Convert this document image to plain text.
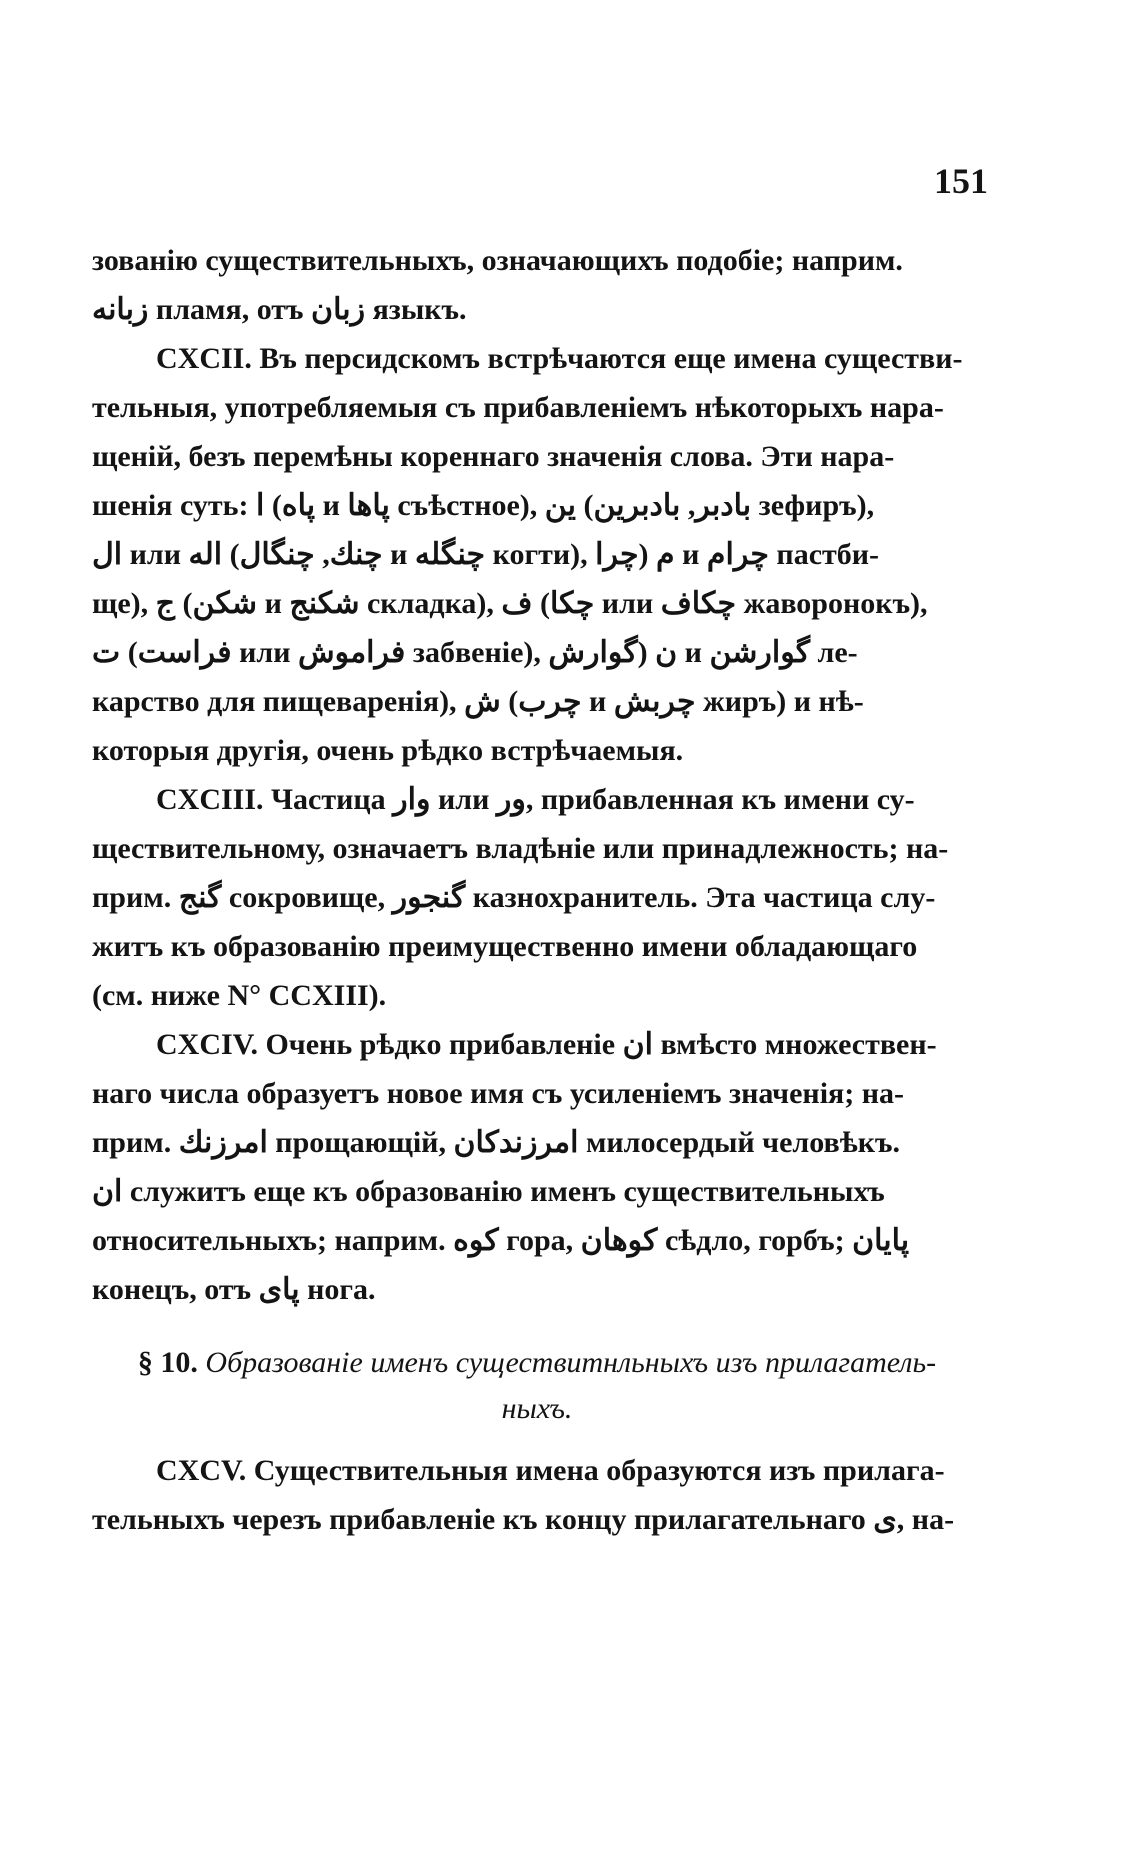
151

зованію существительныхъ, означающихъ подобіе; наприм.
زبانه пламя, отъ زبان языкъ.

CXCII. Въ персидскомъ встрѣчаются еще имена существи-
тельныя, употребляемыя съ прибавленіемъ нѣкоторыхъ нара-
щеній, безъ перемѣны кореннаго значенія слова. Эти нара-
шенія суть: ا (پاه и پاها съѣстное), ین (بادبر, بادبرین зефиръ),
ال или اله (چنك, چنگال и چنگله когти), م (چرا и چرام пастби-
ще), ج (شكن и شکنج складка), ف (چکا или چکاف жаворонокъ),
ت (فراست или فراموش забвеніе), ن (گوارش и گوارشن ле-
карство для пищеваренія), ش (چرب и چربش жиръ) и нѣ-
которыя другія, очень рѣдко встрѣчаемыя.

CXCIII. Частица وار или ور, прибавленная къ имени су-
ществительному, означаетъ владѣніе или принадлежность; на-
прим. گنج сокровище, گنجور казнохранитель. Эта частица слу-
житъ къ образованію преимущественно имени обладающаго
(см. ниже N° CCXIII).

CXCIV. Очень рѣдко прибавленіе ان вмѣсто множествен-
наго числа образуетъ новое имя съ усиленіемъ значенія; на-
прим. امرزنك прощающій, امرزندکان милосердый человѣкъ.
ان служитъ еще къ образованію именъ существительныхъ
относительныхъ; наприм. کوه гора, کوهان сѣдло, горбъ; پایان
конецъ, отъ پای нога.

§ 10. Образованіе именъ существитнльныхъ изъ прилагатель-
ныхъ.

CXCV. Существительныя имена образуются изъ прилага-
тельныхъ черезъ прибавленіе къ концу прилагательнаго ى, на-
